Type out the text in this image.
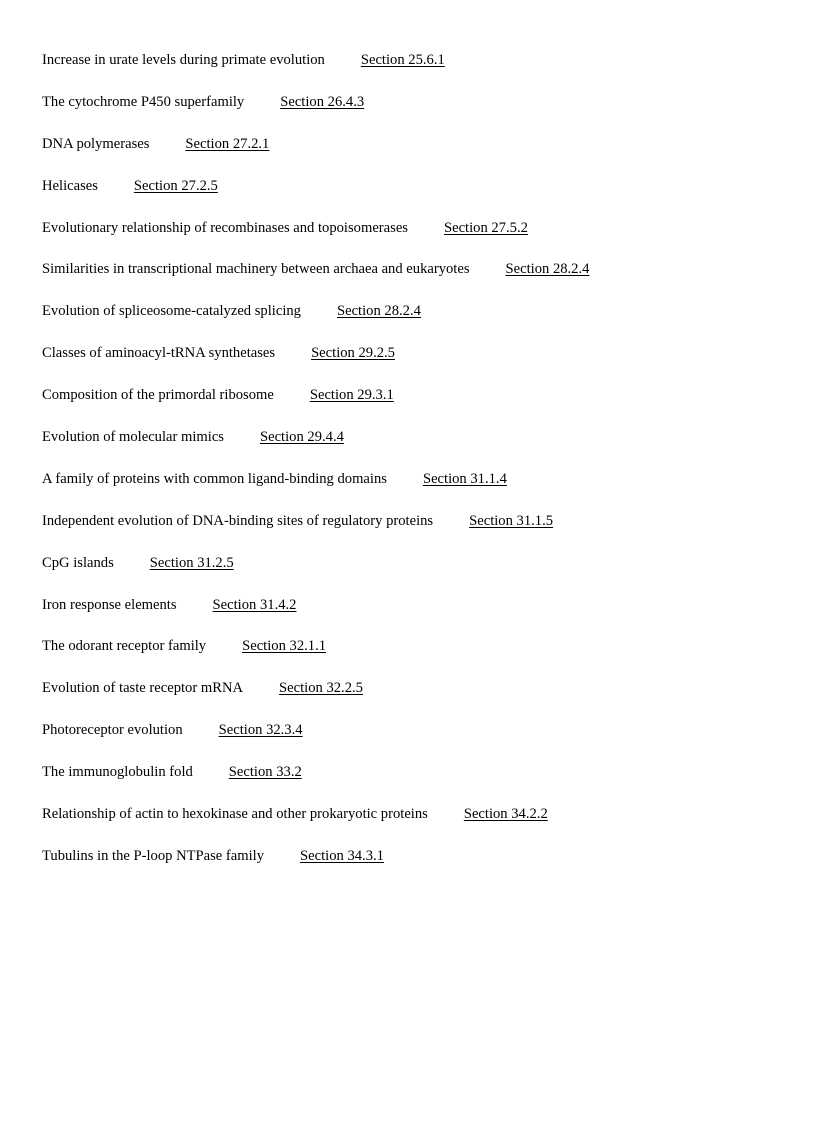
Increase in urate levels during primate evolution Section 25.6.1
The cytochrome P450 superfamily Section 26.4.3
DNA polymerases Section 27.2.1
Helicases Section 27.2.5
Evolutionary relationship of recombinases and topoisomerases Section 27.5.2
Similarities in transcriptional machinery between archaea and eukaryotes Section 28.2.4
Evolution of spliceosome-catalyzed splicing Section 28.2.4
Classes of aminoacyl-tRNA synthetases Section 29.2.5
Composition of the primordal ribosome Section 29.3.1
Evolution of molecular mimics Section 29.4.4
A family of proteins with common ligand-binding domains Section 31.1.4
Independent evolution of DNA-binding sites of regulatory proteins Section 31.1.5
CpG islands Section 31.2.5
Iron response elements Section 31.4.2
The odorant receptor family Section 32.1.1
Evolution of taste receptor mRNA Section 32.2.5
Photoreceptor evolution Section 32.3.4
The immunoglobulin fold Section 33.2
Relationship of actin to hexokinase and other prokaryotic proteins Section 34.2.2
Tubulins in the P-loop NTPase family Section 34.3.1
